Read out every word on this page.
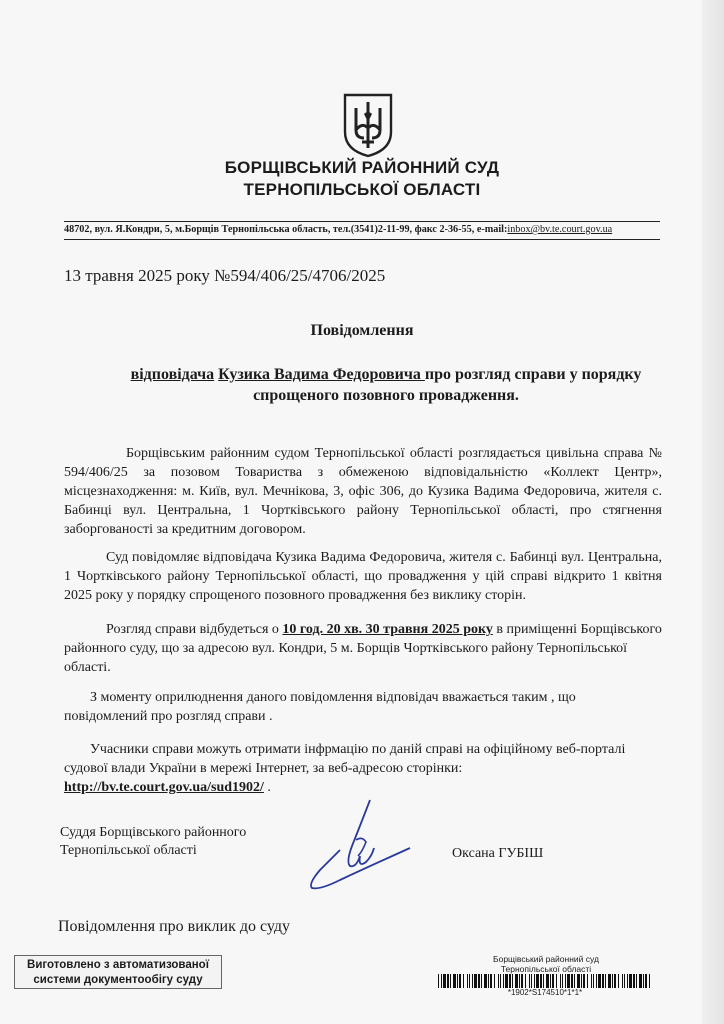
БОРЩІВСЬКИЙ РАЙОННИЙ СУД
ТЕРНОПІЛЬСЬКОЇ ОБЛАСТІ
48702, вул. Я.Кондри, 5, м.Борщів Тернопільська область, тел.(3541)2-11-99, факс 2-36-55, e-mail:inbox@bv.te.court.gov.ua
13 травня 2025 року №594/406/25/4706/2025
Повідомлення
відповідача Кузика Вадима Федоровича про розгляд справи у порядку спрощеного позовного провадження.
Борщівським районним судом Тернопільської області розглядається цивільна справа № 594/406/25 за позовом Товариства з обмеженою відповідальністю «Коллект Центр», місцезнаходження: м. Київ, вул. Мечнікова, 3, офіс 306, до Кузика Вадима Федоровича, жителя с. Бабинці вул. Центральна, 1 Чортківського району Тернопільської області, про стягнення заборгованості за кредитним договором.
Суд повідомляє відповідача Кузика Вадима Федоровича, жителя с. Бабинці вул. Центральна, 1 Чортківського району Тернопільської області, що провадження у цій справі відкрито 1 квітня 2025 року у порядку спрощеного позовного провадження без виклику сторін.
Розгляд справи відбудеться о 10 год. 20 хв. 30 травня 2025 року в приміщенні Борщівського районного суду, що за адресою вул. Кондри, 5 м. Борщів Чортківського району Тернопільської області.
З моменту оприлюднення даного повідомлення відповідач вважається таким , що повідомлений про розгляд справи .
Учасники справи можуть отримати інфрмацію по даній справі на офіційному веб-порталі судової влади України в мережі Інтернет, за веб-адресою сторінки: http://bv.te.court.gov.ua/sud1902/ .
Суддя Борщівського районного
Тернопільської області	Оксана ГУБІШ
Повідомлення про виклик до суду
Виготовлено з автоматизованої
системи документообігу суду
Борщівський районний суд
Тернопільської області
*1902*S174510*1*1*
